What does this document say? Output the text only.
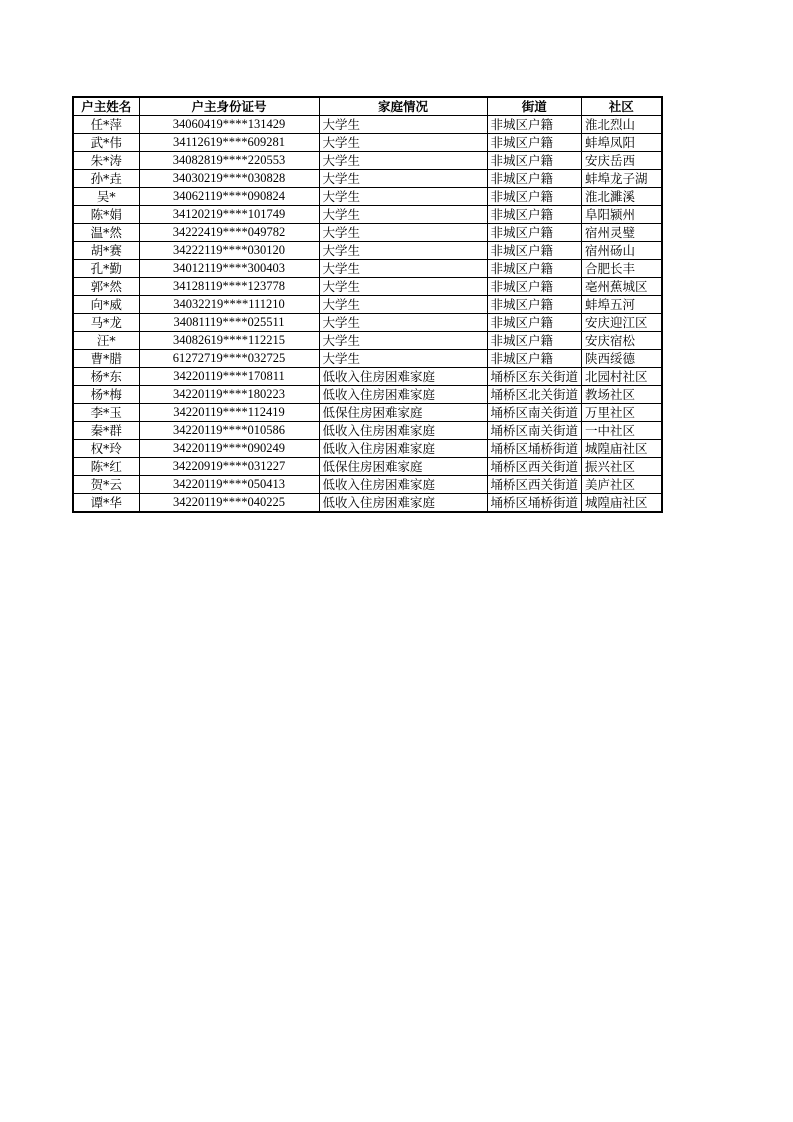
户主姓名	户主身份证号	家庭情况	街道	社区
任*萍	34060419****131429	大学生	非城区户籍	淮北烈山
武*伟	34112619****609281	大学生	非城区户籍	蚌埠凤阳
朱*涛	34082819****220553	大学生	非城区户籍	安庆岳西
孙*垚	34030219****030828	大学生	非城区户籍	蚌埠龙子湖
吴*	34062119****090824	大学生	非城区户籍	淮北濉溪
陈*娟	34120219****101749	大学生	非城区户籍	阜阳颍州
温*然	34222419****049782	大学生	非城区户籍	宿州灵璧
胡*赛	34222119****030120	大学生	非城区户籍	宿州砀山
孔*勤	34012119****300403	大学生	非城区户籍	合肥长丰
郭*然	34128119****123778	大学生	非城区户籍	亳州蕉城区
向*威	34032219****111210	大学生	非城区户籍	蚌埠五河
马*龙	34081119****025511	大学生	非城区户籍	安庆迎江区
汪*	34082619****112215	大学生	非城区户籍	安庆宿松
曹*腊	61272719****032725	大学生	非城区户籍	陕西绥德
杨*东	34220119****170811	低收入住房困难家庭	埇桥区东关街道	北园村社区
杨*梅	34220119****180223	低收入住房困难家庭	埇桥区北关街道	教场社区
李*玉	34220119****112419	低保住房困难家庭	埇桥区南关街道	万里社区
秦*群	34220119****010586	低收入住房困难家庭	埇桥区南关街道	一中社区
权*玲	34220119****090249	低收入住房困难家庭	埇桥区埇桥街道	城隍庙社区
陈*红	34220919****031227	低保住房困难家庭	埇桥区西关街道	振兴社区
贺*云	34220119****050413	低收入住房困难家庭	埇桥区西关街道	美庐社区
谭*华	34220119****040225	低收入住房困难家庭	埇桥区埇桥街道	城隍庙社区
